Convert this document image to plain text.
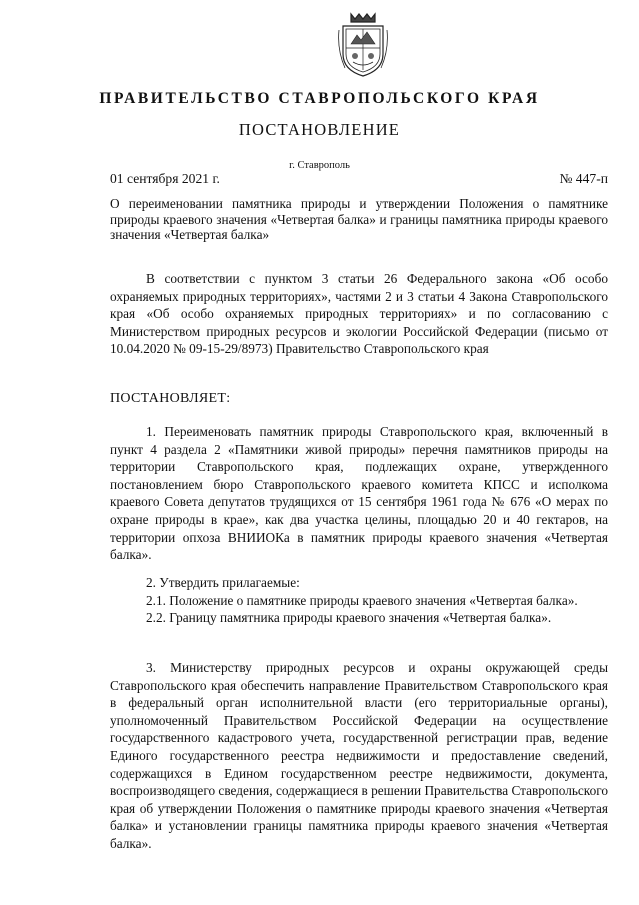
ПРАВИТЕЛЬСТВО СТАВРОПОЛЬСКОГО КРАЯ
ПОСТАНОВЛЕНИЕ
г. Ставрополь
01 сентября 2021 г.	№ 447-п
О переименовании памятника природы и утверждении Положения о памятнике природы краевого значения «Четвертая балка» и границы памятника природы краевого значения «Четвертая балка»

В соответствии с пунктом 3 статьи 26 Федерального закона «Об особо охраняемых природных территориях», частями 2 и 3 статьи 4 Закона Ставропольского края «Об особо охраняемых природных территориях» и по согласованию с Министерством природных ресурсов и экологии Российской Федерации (письмо от 10.04.2020 № 09-15-29/8973) Правительство Ставропольского края

ПОСТАНОВЛЯЕТ:

1. Переименовать памятник природы Ставропольского края, включенный в пункт 4 раздела 2 «Памятники живой природы» перечня памятников природы на территории Ставропольского края, подлежащих охране, утвержденного постановлением бюро Ставропольского краевого комитета КПСС и исполкома краевого Совета депутатов трудящихся от 15 сентября 1961 года № 676 «О мерах по охране природы в крае», как два участка целины, площадью 20 и 40 гектаров, на территории опхоза ВНИИОКа в памятник природы краевого значения «Четвертая балка».

2. Утвердить прилагаемые:

2.1. Положение о памятнике природы краевого значения «Четвертая балка».

2.2. Границу памятника природы краевого значения «Четвертая балка».

3. Министерству природных ресурсов и охраны окружающей среды Ставропольского края обеспечить направление Правительством Ставропольского края в федеральный орган исполнительной власти (его территориальные органы), уполномоченный Правительством Российской Федерации на осуществление государственного кадастрового учета, государственной регистрации прав, ведение Единого государственного реестра недвижимости и предоставление сведений, содержащихся в Едином государственном реестре недвижимости, документа, воспроизводящего сведения, содержащиеся в решении Правительства Ставропольского края об утверждении Положения о памятнике природы краевого значения «Четвертая балка» и установлении границы памятника природы краевого значения «Четвертая балка».
